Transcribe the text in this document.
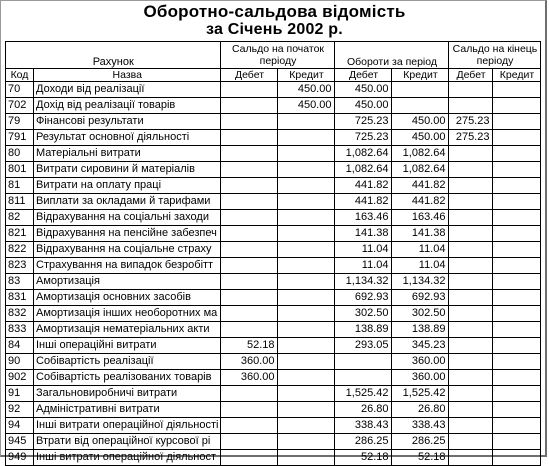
Оборотно-сальдова відомість
за Січень 2002 р.
Рахунок		Сальдо на початок періоду		Обороти за період		Сальдо на кінець періоду	
Код	Назва	Дебет	Кредит	Дебет	Кредит	Дебет	Кредит
70	Доходи від реалізації		450.00	450.00			
702	Дохід від реалізації товарів		450.00	450.00			
79	Фінансові результати			725.23	450.00	275.23	
791	Результат основної діяльності			725.23	450.00	275.23	
80	Матеріальні витрати			1,082.64	1,082.64		
801	Витрати сировини й матеріалів			1,082.64	1,082.64		
81	Витрати на оплату праці			441.82	441.82		
811	Виплати за окладами й тарифами			441.82	441.82		
82	Відрахування на соціальні заходи			163.46	163.46		
821	Відрахування на пенсійне забезпеч			141.38	141.38		
822	Відрахування на соціальне страху			11.04	11.04		
823	Страхування на випадок безробітт			11.04	11.04		
83	Амортизація			1,134.32	1,134.32		
831	Амортизація основних засобів			692.93	692.93		
832	Амортизація інших необоротних ма			302.50	302.50		
833	Амортизація нематеріальних акти			138.89	138.89		
84	Інші операційні витрати	52.18		293.05	345.23		
90	Собівартість реалізації	360.00			360.00		
902	Собівартість реалізованих товарів	360.00			360.00		
91	Загальновиробничі витрати			1,525.42	1,525.42		
92	Адміністративні витрати			26.80	26.80		
94	Інші витрати операційної діяльності			338.43	338.43		
945	Втрати від операційної курсової рі			286.25	286.25		
949	Інші витрати операційної діяльност			52.18	52.18		
